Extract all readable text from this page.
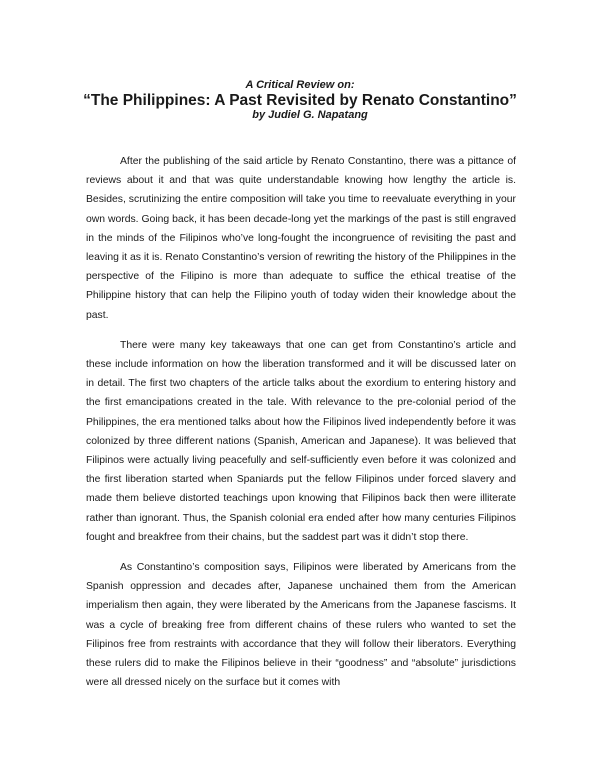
A Critical Review on:
“The Philippines: A Past Revisited by Renato Constantino”
by Judiel G. Napatang

After the publishing of the said article by Renato Constantino, there was a pittance of reviews about it and that was quite understandable knowing how lengthy the article is. Besides, scrutinizing the entire composition will take you time to reevaluate everything in your own words. Going back, it has been decade-long yet the markings of the past is still engraved in the minds of the Filipinos who’ve long-fought the incongruence of revisiting the past and leaving it as it is. Renato Constantino’s version of rewriting the history of the Philippines in the perspective of the Filipino is more than adequate to suffice the ethical treatise of the Philippine history that can help the Filipino youth of today widen their knowledge about the past.

There were many key takeaways that one can get from Constantino’s article and these include information on how the liberation transformed and it will be discussed later on in detail. The first two chapters of the article talks about the exordium to entering history and the first emancipations created in the tale. With relevance to the pre-colonial period of the Philippines, the era mentioned talks about how the Filipinos lived independently before it was colonized by three different nations (Spanish, American and Japanese). It was believed that Filipinos were actually living peacefully and self-sufficiently even before it was colonized and the first liberation started when Spaniards put the fellow Filipinos under forced slavery and made them believe distorted teachings upon knowing that Filipinos back then were illiterate rather than ignorant. Thus, the Spanish colonial era ended after how many centuries Filipinos fought and breakfree from their chains, but the saddest part was it didn’t stop there.

As Constantino’s composition says, Filipinos were liberated by Americans from the Spanish oppression and decades after, Japanese unchained them from the American imperialism then again, they were liberated by the Americans from the Japanese fascisms. It was a cycle of breaking free from different chains of these rulers who wanted to set the Filipinos free from restraints with accordance that they will follow their liberators. Everything these rulers did to make the Filipinos believe in their “goodness” and “absolute” jurisdictions were all dressed nicely on the surface but it comes with
